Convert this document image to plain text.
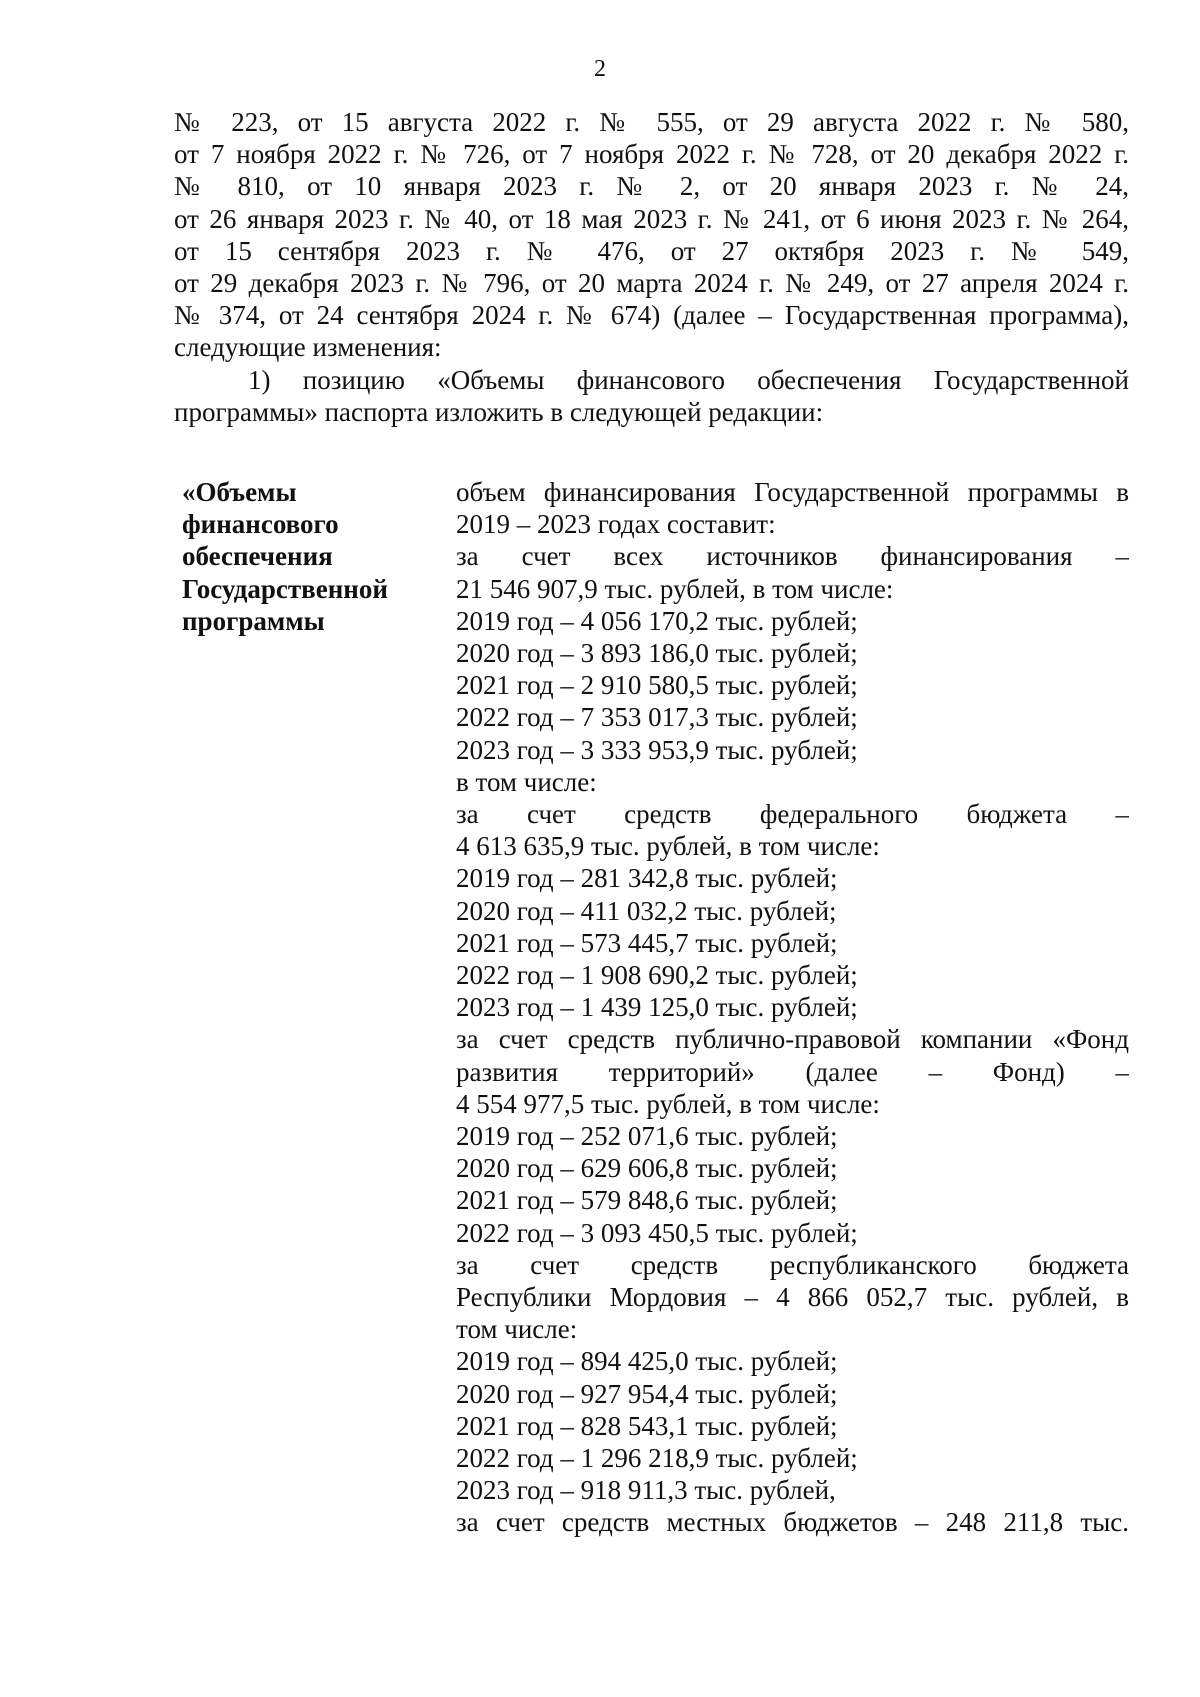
2
№ 223, от 15 августа 2022 г. № 555, от 29 августа 2022 г. № 580,
от 7 ноября 2022 г. № 726, от 7 ноября 2022 г. № 728, от 20 декабря 2022 г.
№ 810, от 10 января 2023 г. № 2, от 20 января 2023 г. № 24,
от 26 января 2023 г. № 40, от 18 мая 2023 г. № 241, от 6 июня 2023 г. № 264,
от 15 сентября 2023 г. № 476, от 27 октября 2023 г. № 549,
от 29 декабря 2023 г. № 796, от 20 марта 2024 г. № 249, от 27 апреля 2024 г.
№ 374, от 24 сентября 2024 г. № 674) (далее – Государственная программа),
следующие изменения:
1) позицию «Объемы финансового обеспечения Государственной
программы» паспорта изложить в следующей редакции:
«Объемы
финансового
обеспечения
Государственной
программы
объем финансирования Государственной программы в
2019 – 2023 годах составит:
за счет всех источников финансирования –
21 546 907,9 тыс. рублей, в том числе:
2019 год – 4 056 170,2 тыс. рублей;
2020 год – 3 893 186,0 тыс. рублей;
2021 год – 2 910 580,5 тыс. рублей;
2022 год – 7 353 017,3 тыс. рублей;
2023 год – 3 333 953,9 тыс. рублей;
в том числе:
за счет средств федерального бюджета –
4 613 635,9 тыс. рублей, в том числе:
2019 год – 281 342,8 тыс. рублей;
2020 год – 411 032,2 тыс. рублей;
2021 год – 573 445,7 тыс. рублей;
2022 год – 1 908 690,2 тыс. рублей;
2023 год – 1 439 125,0 тыс. рублей;
за счет средств публично-правовой компании «Фонд
развития территорий» (далее – Фонд) –
4 554 977,5 тыс. рублей, в том числе:
2019 год – 252 071,6 тыс. рублей;
2020 год – 629 606,8 тыс. рублей;
2021 год – 579 848,6 тыс. рублей;
2022 год – 3 093 450,5 тыс. рублей;
за счет средств республиканского бюджета
Республики Мордовия – 4 866 052,7 тыс. рублей, в
том числе:
2019 год – 894 425,0 тыс. рублей;
2020 год – 927 954,4 тыс. рублей;
2021 год – 828 543,1 тыс. рублей;
2022 год – 1 296 218,9 тыс. рублей;
2023 год – 918 911,3 тыс. рублей,
за счет средств местных бюджетов – 248 211,8 тыс.
